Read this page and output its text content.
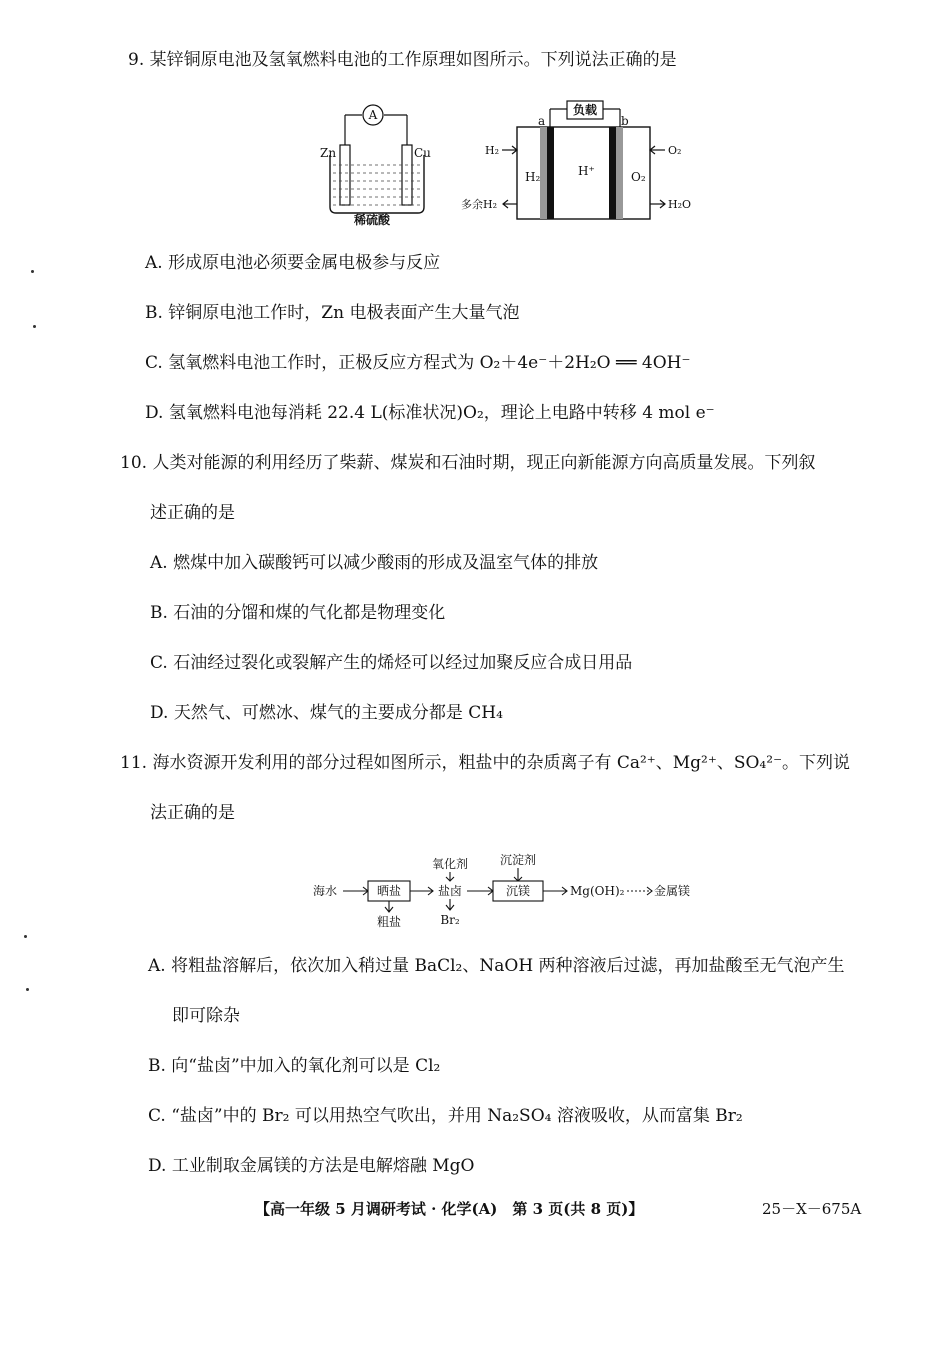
9. 某锌铜原电池及氢氧燃料电池的工作原理如图所示。下列说法正确的是
A
Zn	Cu
稀硫酸
负载
a	b
H₂	H⁺	O₂
H₂
多余H₂
O₂
H₂O
A. 形成原电池必须要金属电极参与反应
B. 锌铜原电池工作时，Zn 电极表面产生大量气泡
C. 氢氧燃料电池工作时，正极反应方程式为 O₂＋4e⁻＋2H₂O ══ 4OH⁻
D. 氢氧燃料电池每消耗 22.4 L(标准状况)O₂，理论上电路中转移 4 mol e⁻
10. 人类对能源的利用经历了柴薪、煤炭和石油时期，现正向新能源方向高质量发展。下列叙
述正确的是
A. 燃煤中加入碳酸钙可以减少酸雨的形成及温室气体的排放
B. 石油的分馏和煤的气化都是物理变化
C. 石油经过裂化或裂解产生的烯烃可以经过加聚反应合成日用品
D. 天然气、可燃冰、煤气的主要成分都是 CH₄
11. 海水资源开发利用的部分过程如图所示，粗盐中的杂质离子有 Ca²⁺、Mg²⁺、SO₄²⁻。下列说
法正确的是
海水	晒盐
粗盐
氧化剂
盐卤
Br₂
沉淀剂
沉镁	Mg(OH)₂ 金属镁
A. 将粗盐溶解后，依次加入稍过量 BaCl₂、NaOH 两种溶液后过滤，再加盐酸至无气泡产生
即可除杂
B. 向“盐卤”中加入的氧化剂可以是 Cl₂
C. “盐卤”中的 Br₂ 可以用热空气吹出，并用 Na₂SO₄ 溶液吸收，从而富集 Br₂
D. 工业制取金属镁的方法是电解熔融 MgO
【高一年级 5 月调研考试 · 化学(A)　第 3 页(共 8 页)】	25－X－675A
